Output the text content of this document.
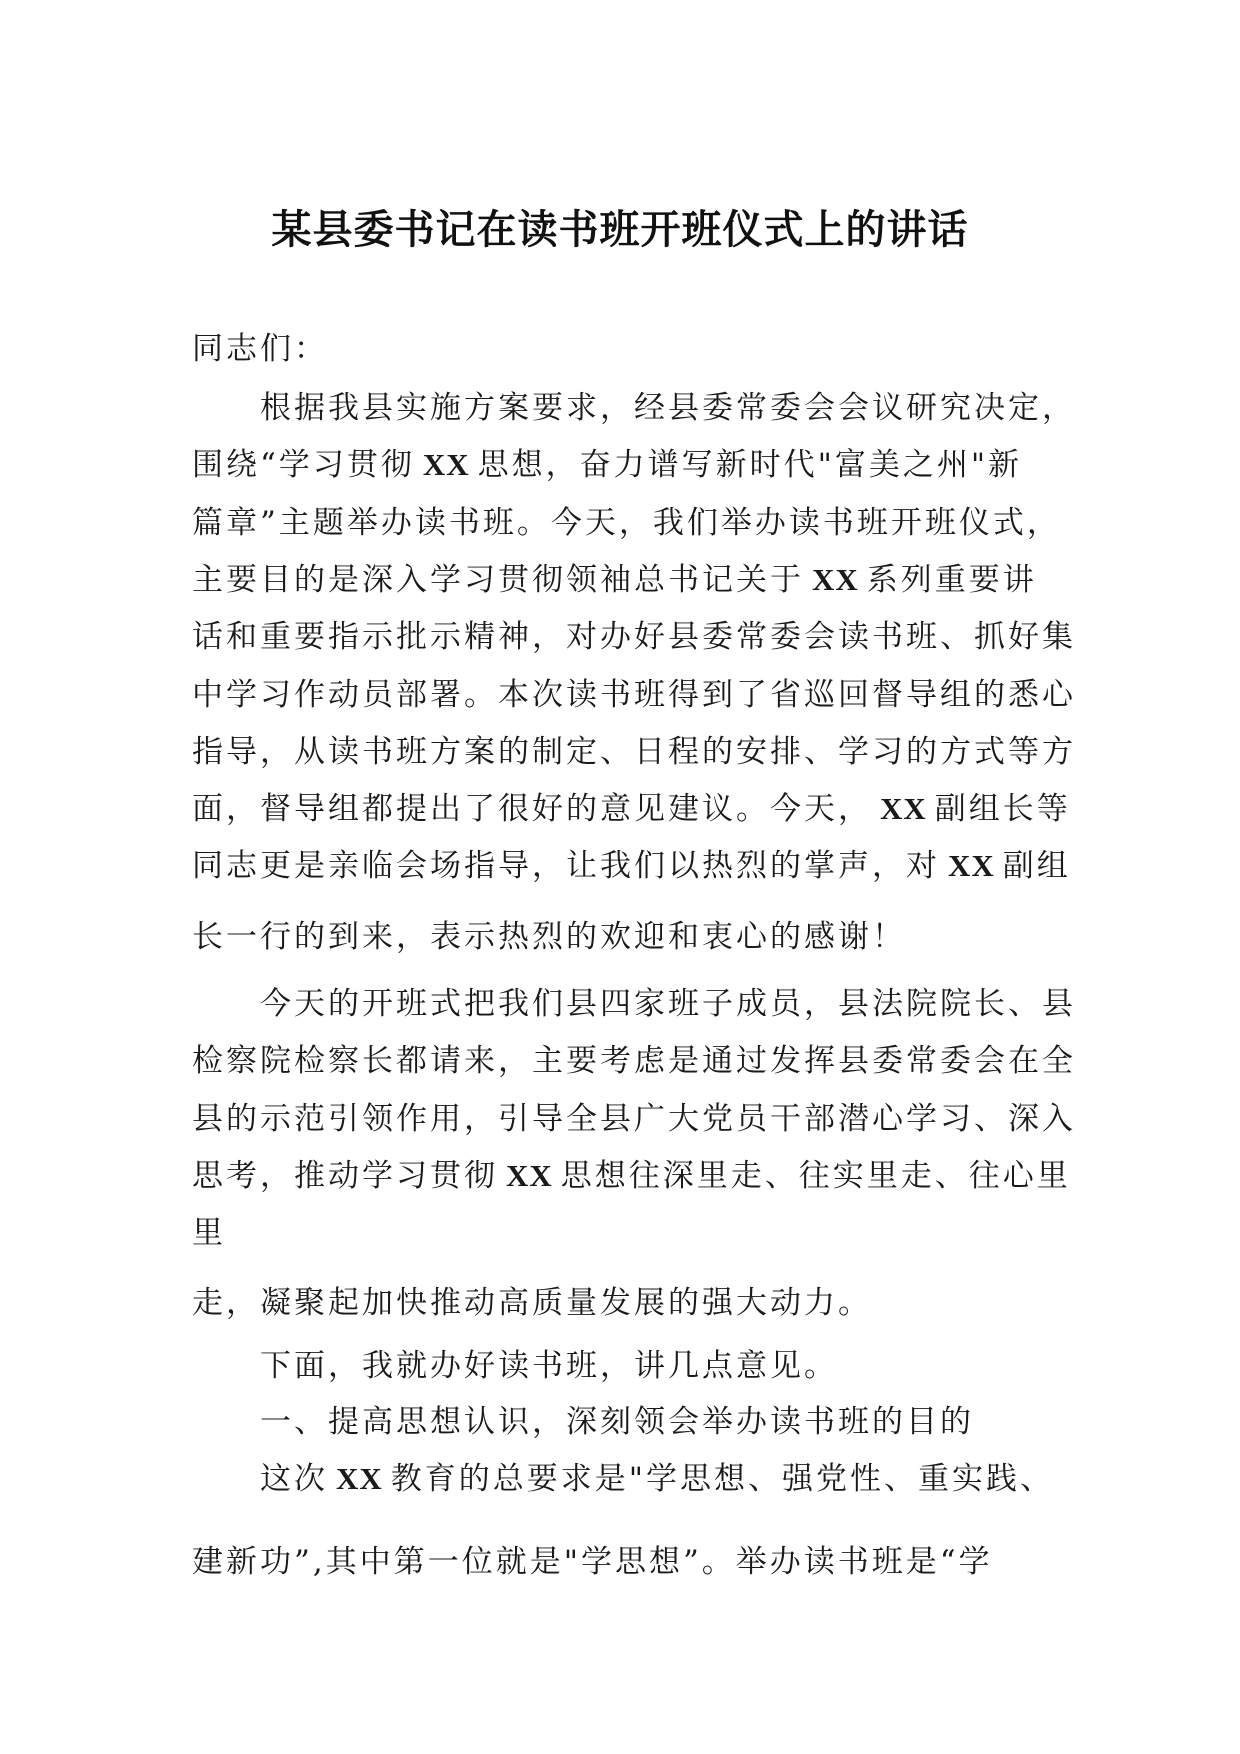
某县委书记在读书班开班仪式上的讲话
同志们：
　　根据我县实施方案要求，经县委常委会会议研究决定，
围绕“学习贯彻 XX 思想，奋力谱写新时代"富美之州"新
篇章”主题举办读书班。今天，我们举办读书班开班仪式，
主要目的是深入学习贯彻领袖总书记关于 XX 系列重要讲
话和重要指示批示精神，对办好县委常委会读书班、抓好集
中学习作动员部署。本次读书班得到了省巡回督导组的悉心
指导，从读书班方案的制定、日程的安排、学习的方式等方
面，督导组都提出了很好的意见建议。今天， XX 副组长等
同志更是亲临会场指导，让我们以热烈的掌声，对 XX 副组
长一行的到来，表示热烈的欢迎和衷心的感谢！
　　今天的开班式把我们县四家班子成员，县法院院长、县
检察院检察长都请来，主要考虑是通过发挥县委常委会在全
县的示范引领作用，引导全县广大党员干部潜心学习、深入
思考，推动学习贯彻 XX 思想往深里走、往实里走、往心里
里
走，凝聚起加快推动高质量发展的强大动力。
　　下面，我就办好读书班，讲几点意见。
　　一、提高思想认识，深刻领会举办读书班的目的
　　这次 XX 教育的总要求是"学思想、强党性、重实践、
建新功”,其中第一位就是"学思想”。举办读书班是“学
